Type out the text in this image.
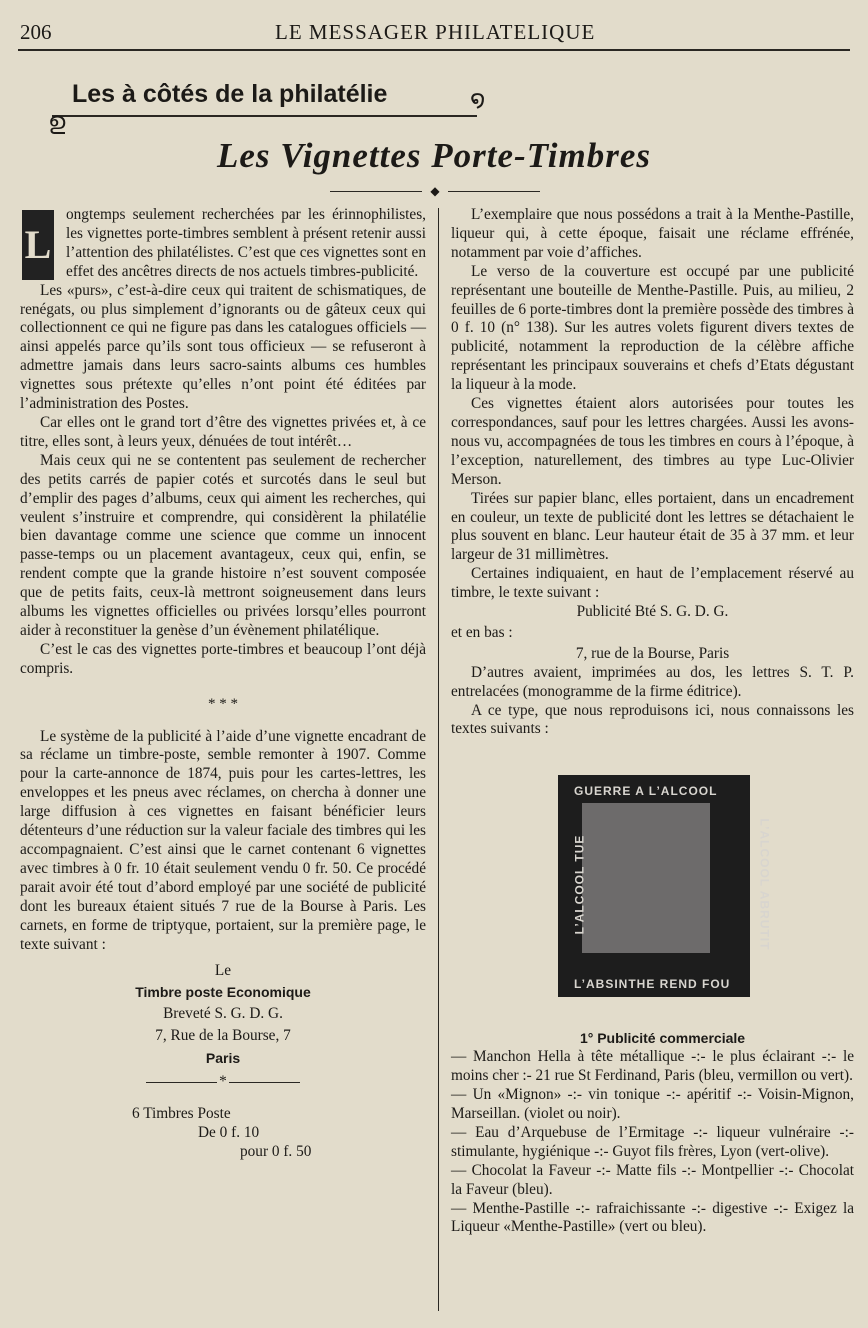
206	LE MESSAGER PHILATELIQUE
Les à côtés de la philatélie
ഉ
໑
Les Vignettes Porte-Timbres
◆

L
ongtemps seulement recherchées par les érinnophilistes, les vignettes porte-timbres semblent à présent retenir aussi l’attention des philatélistes. C’est que ces vignettes sont en effet des ancêtres directs de nos actuels timbres-publicité.

Les «purs», c’est-à-dire ceux qui traitent de schismatiques, de renégats, ou plus simplement d’ignorants ou de gâteux ceux qui collectionnent ce qui ne figure pas dans les catalogues officiels — ainsi appelés parce qu’ils sont tous officieux — se refuseront à admettre jamais dans leurs sacro-saints albums ces humbles vignettes sous prétexte qu’elles n’ont point été éditées par l’administration des Postes.

Car elles ont le grand tort d’être des vignettes privées et, à ce titre, elles sont, à leurs yeux, dénuées de tout intérêt…

Mais ceux qui ne se contentent pas seulement de rechercher des petits carrés de papier cotés et surcotés dans le seul but d’emplir des pages d’albums, ceux qui aiment les recherches, qui veulent s’instruire et comprendre, qui considèrent la philatélie bien davantage comme une science que comme un innocent passe-temps ou un placement avantageux, ceux qui, enfin, se rendent compte que la grande histoire n’est souvent composée que de petits faits, ceux-là mettront soigneusement dans leurs albums les vignettes officielles ou privées lorsqu’elles pourront aider à reconstituer la genèse d’un évènement philatélique.

C’est le cas des vignettes porte-timbres et beaucoup l’ont déjà compris.

* * *

Le système de la publicité à l’aide d’une vignette encadrant de sa réclame un timbre-poste, semble remonter à 1907. Comme pour la carte-annonce de 1874, puis pour les cartes-lettres, les enveloppes et les pneus avec réclames, on chercha à donner une large diffusion à ces vignettes en faisant bénéficier leurs détenteurs d’une réduction sur la valeur faciale des timbres qui les accompagnaient. C’est ainsi que le carnet contenant 6 vignettes avec timbres à 0 fr. 10 était seulement vendu 0 fr. 50. Ce procédé parait avoir été tout d’abord employé par une société de publicité dont les bureaux étaient situés 7 rue de la Bourse à Paris. Les carnets, en forme de triptyque, portaient, sur la première page, le texte suivant :

Le

Timbre poste Economique

Breveté S. G. D. G.

7, Rue de la Bourse, 7

Paris

*
6 Timbres Poste
De 0 f. 10
pour 0 f. 50

L’exemplaire que nous possédons a trait à la Menthe-Pastille, liqueur qui, à cette époque, faisait une réclame effrénée, notamment par voie d’affiches.

Le verso de la couverture est occupé par une publicité représentant une bouteille de Menthe-Pastille. Puis, au milieu, 2 feuilles de 6 porte-timbres dont la première possède des timbres à 0 f. 10 (n° 138). Sur les autres volets figurent divers textes de publicité, notamment la reproduction de la célèbre affiche représentant les principaux souverains et chefs d’Etats dégustant la liqueur à la mode.

Ces vignettes étaient alors autorisées pour toutes les correspondances, sauf pour les lettres chargées. Aussi les avons-nous vu, accompagnées de tous les timbres en cours à l’époque, à l’exception, naturellement, des timbres au type Luc-Olivier Merson.

Tirées sur papier blanc, elles portaient, dans un encadrement en couleur, un texte de publicité dont les lettres se détachaient le plus souvent en blanc. Leur hauteur était de 35 à 37 mm. et leur largeur de 31 millimètres.

Certaines indiquaient, en haut de l’emplacement réservé au timbre, le texte suivant :

Publicité Bté S. G. D. G.

et en bas :

7, rue de la Bourse, Paris

D’autres avaient, imprimées au dos, les lettres S. T. P. entrelacées (monogramme de la firme éditrice).

A ce type, que nous reproduisons ici, nous connaissons les textes suivants :

GUERRE A L’ALCOOL
L’ALCOOL ABRUTIT
L’ABSINTHE REND FOU
L’ALCOOL TUE

1° Publicité commerciale

— Manchon Hella à tête métallique -:- le plus éclairant -:- le moins cher :- 21 rue St Ferdinand, Paris (bleu, vermillon ou vert).

— Un «Mignon» -:- vin tonique -:- apéritif -:- Voisin-Mignon, Marseillan. (violet ou noir).

— Eau d’Arquebuse de l’Ermitage -:- liqueur vulnéraire -:- stimulante, hygiénique -:- Guyot fils frères, Lyon (vert-olive).

— Chocolat la Faveur -:- Matte fils -:- Montpellier -:- Chocolat la Faveur (bleu).

— Menthe-Pastille -:- rafraichissante -:- digestive -:- Exigez la Liqueur «Menthe-Pastille» (vert ou bleu).
